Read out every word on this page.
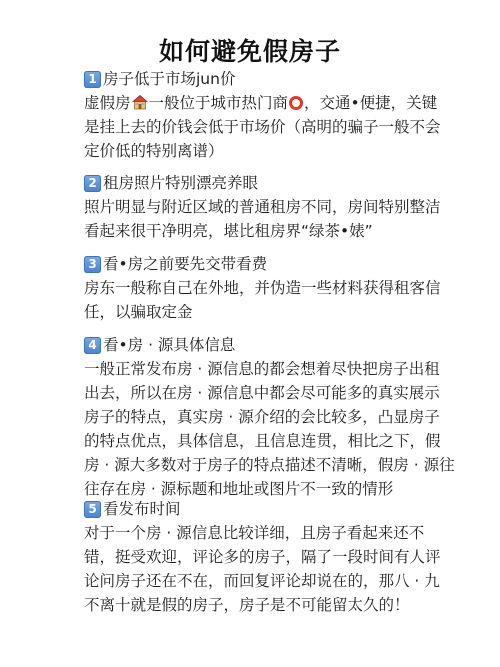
如何避免假房子
1 房子低于市场jun价
虚假房 一般位于城市热门商 ，交通•便捷，关键
是挂上去的价钱会低于市场价（高明的骗子一般不会
定价低的特别离谱）
2 租房照片特别漂亮养眼
照片明显与附近区域的普通租房不同，房间特别整洁
看起来很干净明亮，堪比租房界“绿茶•婊”
3 看•房之前要先交带看费
房东一般称自己在外地，并伪造一些材料获得租客信
任，以骗取定金
4 看•房 · 源具体信息
一般正常发布房 · 源信息的都会想着尽快把房子出租
出去，所以在房 · 源信息中都会尽可能多的真实展示
房子的特点，真实房 · 源介绍的会比较多，凸显房子
的特点优点，具体信息，且信息连贯，相比之下，假
房 · 源大多数对于房子的特点描述不清晰，假房 · 源往
往存在房 · 源标题和地址或图片不一致的情形
5 看发布时间
对于一个房 · 源信息比较详细，且房子看起来还不
错，挺受欢迎，评论多的房子，隔了一段时间有人评
论问房子还在不在，而回复评论却说在的，那八 · 九
不离十就是假的房子，房子是不可能留太久的！
